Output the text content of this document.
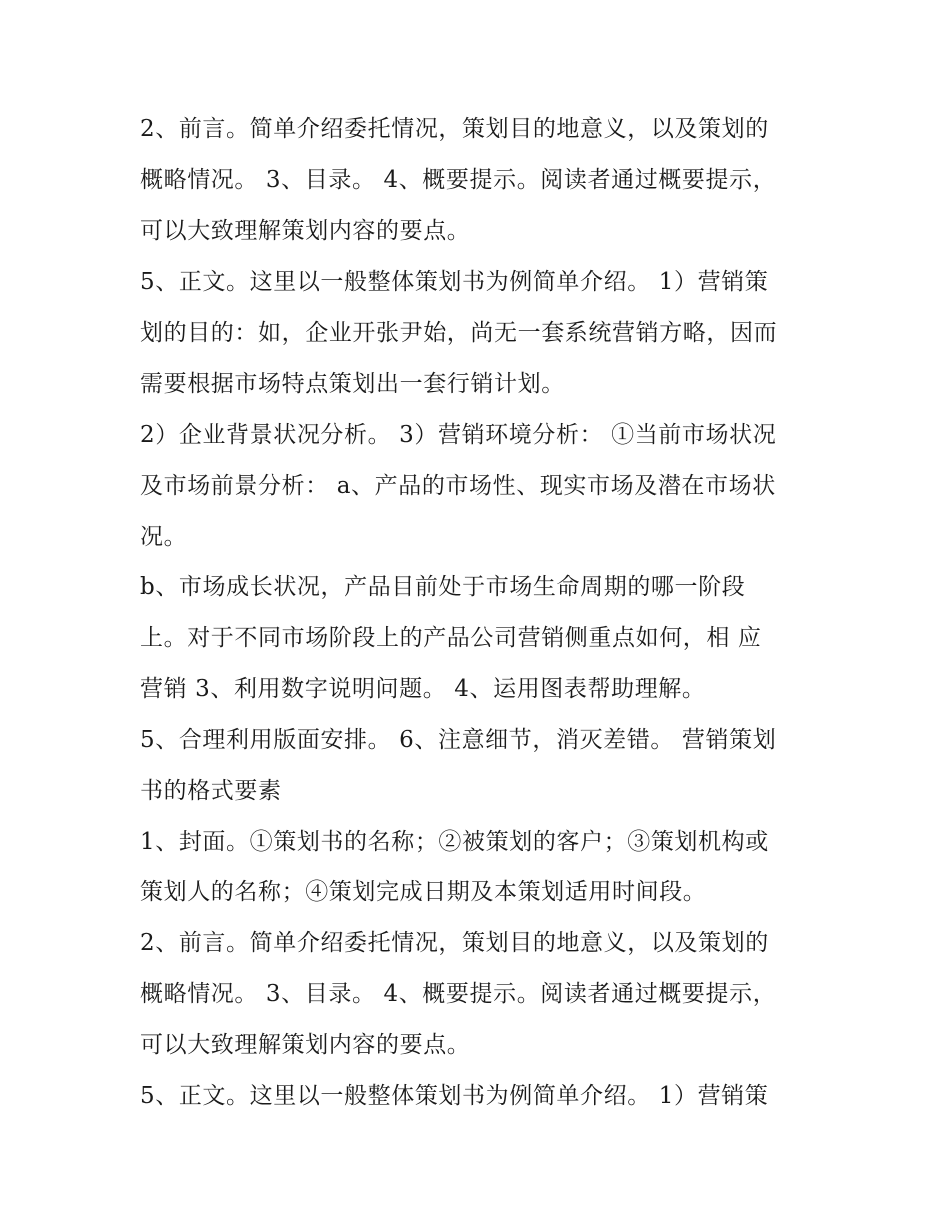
2、前言。简单介绍委托情况，策划目的地意义，以及策划的

概略情况。 3、目录。 4、概要提示。阅读者通过概要提示，

可以大致理解策划内容的要点。

5、正文。这里以一般整体策划书为例简单介绍。 1）营销策

划的目的：如，企业开张尹始，尚无一套系统营销方略，因而

需要根据市场特点策划出一套行销计划。

2）企业背景状况分析。 3）营销环境分析： ①当前市场状况

及市场前景分析： a、产品的市场性、现实市场及潜在市场状

况。

b、市场成长状况，产品目前处于市场生命周期的哪一阶段

上。对于不同市场阶段上的产品公司营销侧重点如何，相 应

营销 3、利用数字说明问题。 4、运用图表帮助理解。

5、合理利用版面安排。 6、注意细节，消灭差错。 营销策划

书的格式要素

1、封面。①策划书的名称；②被策划的客户；③策划机构或

策划人的名称；④策划完成日期及本策划适用时间段。

2、前言。简单介绍委托情况，策划目的地意义，以及策划的

概略情况。 3、目录。 4、概要提示。阅读者通过概要提示，

可以大致理解策划内容的要点。

5、正文。这里以一般整体策划书为例简单介绍。 1）营销策
